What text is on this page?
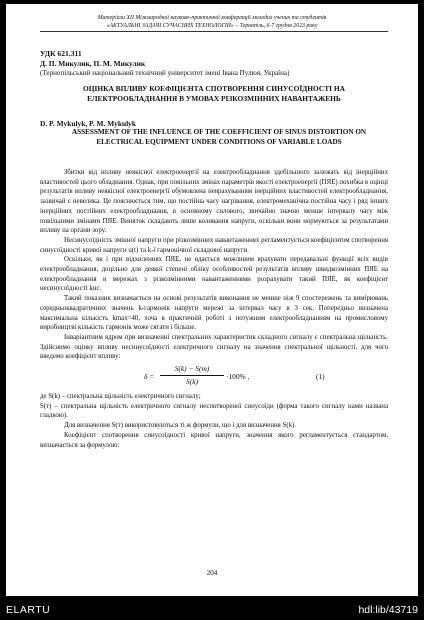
Матеріали XII Міжнародної науково-практичної конференції молодих учених та студентів
«АКТУАЛЬНІ ЗАДАЧІ СУЧАСНИХ ТЕХНОЛОГІЙ» – Тернопіль, 6-7 грудня 2023 року
УДК 621.311
Д. П. Микулик, П. М. Микулик
(Тернопільський національний технічний університет імені Івана Пулюя, Україна)
ОЦІНКА ВПЛИВУ КОЕФІЦІЄНТА СПОТВОРЕННЯ СИНУСОЇДНОСТІ НА ЕЛЕКТРООБЛАДНАННЯ В УМОВАХ РІЗКОЗМІННИХ НАВАНТАЖЕНЬ
D. P. Mykulyk, P. M. Mykulyk
ASSESSMENT OF THE INFLUENCE OF THE COEFFICIENT OF SINUS DISTORTION ON ELECTRICAL EQUIPMENT UNDER CONDITIONS OF VARIABLE LOADS

Збитки від впливу неякісної електроенергії на електрообладнання здебільшого залежать від інерційних властивостей цього обладнання. Однак, при повільних змінах параметрів якості електроенергії (ПЯЕ) похибка в оцінці результатів впливу неякісної електроенергії обумовлена неврахуванням інерційних властивостей електрообладнання, зазвичай є невелика. Це пояснюється тим, що постійна часу нагрівання, електромеханічна постійна часу і ряд інших інерційних постійних електрообладнання, в основному силового, звичайно значно менше інтервалу часу між повільними змінами ПЯЕ. Виняток складають лише коливання напруги, оскільки вони нормуються за результатами впливу на органи зору.

Несинусоїдність змінної напруги при різкозмінних навантаженнях регламентується коефіцієнтом спотворення синусоїдності кривої напруги u(t) та k-ї гармонічної складової напруги.

Оскільки, як і при відхиленнях ПЯЕ, не вдається можливим врахувати передавальні функції всіх видів електрообладнання, доцільно для деякої степені обліку особливостей результатів впливу швидкозмінних ПЯЕ на електрообладнання в мережах з різкозмінними навантаженнями розрахувати такий ПЯЕ, як коефіцієнт несинусоїдності kнс.

Такий показник визначається на основі результатів виконання не менше ніж 9 спостережень та вимірювань середньоквадратичних значень k-гармонік напруги мережі за інтервал часу в 3 сек. Попередньо визначена максимальна кількість kmax=40, хоча в практичній роботі з потужним електрообладнанням на промисловому виробництві кількість гармонік може сягати і більше.

Інваріантним ядром при визначенні спектральних характеристик складного сигналу є спектральна щільність. Здійснимо оцінку впливу несинусоїдності електричного сигналу на значення спектральної щільності, для чого введемо коефіцієнт впливу:

δ =
S(k) − S(т)
S(k)
·100% ,	(1)

де S(k) – спектральна щільність електричного сигналу;

S(т) – спектральна щільність електричного сигналу неспотвореної синусоїди (форма такого сигналу нами названа гладкою).

Для визначення S(т) використовуються ті ж формули, що і для визначення S(k).

Коефіцієнт спотворення синусоїдності кривої напруги, значення якого регламентується стандартом, визначається за формулою:

204
ELARTU	hdl:lib/43719
